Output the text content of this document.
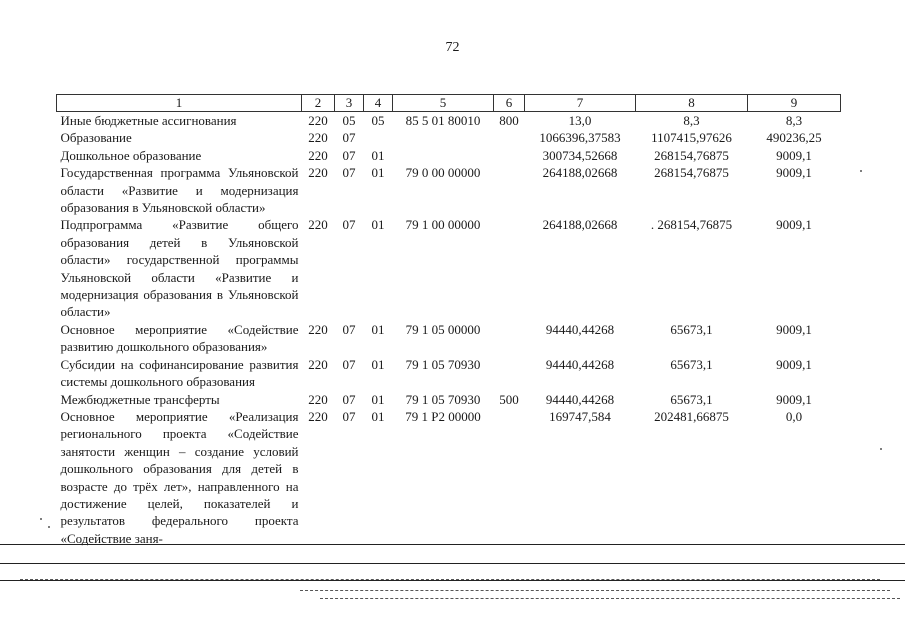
72
1	2	3	4	5	6	7	8	9
Иные бюджетные ассигнования	220	05	05	85 5 01 80010	800	13,0	8,3	8,3
Образование	220	07				1066396,37583	1107415,97626	490236,25
Дошкольное образование	220	07	01			300734,52668	268154,76875	9009,1
Государственная программа Ульяновской области «Развитие и модернизация образования в Ульяновской области»	220	07	01	79 0 00 00000		264188,02668	268154,76875	9009,1
Подпрограмма «Развитие общего образования детей в Ульяновской области» государственной программы Ульяновской области «Развитие и модернизация образования в Ульяновской области»	220	07	01	79 1 00 00000		264188,02668	. 268154,76875	9009,1
Основное мероприятие «Содействие развитию дошкольного образования»	220	07	01	79 1 05 00000		94440,44268	65673,1	9009,1
Субсидии на софинансирование развития системы дошкольного образования	220	07	01	79 1 05 70930		94440,44268	65673,1	9009,1
Межбюджетные трансферты	220	07	01	79 1 05 70930	500	94440,44268	65673,1	9009,1
Основное мероприятие «Реализация регионального проекта «Содействие занятости женщин – создание условий дошкольного образования для детей в возрасте до трёх лет», направленного на достижение целей, показателей и результатов федерального проекта «Содействие заня-	220	07	01	79 1 P2 00000		169747,584	202481,66875	0,0
